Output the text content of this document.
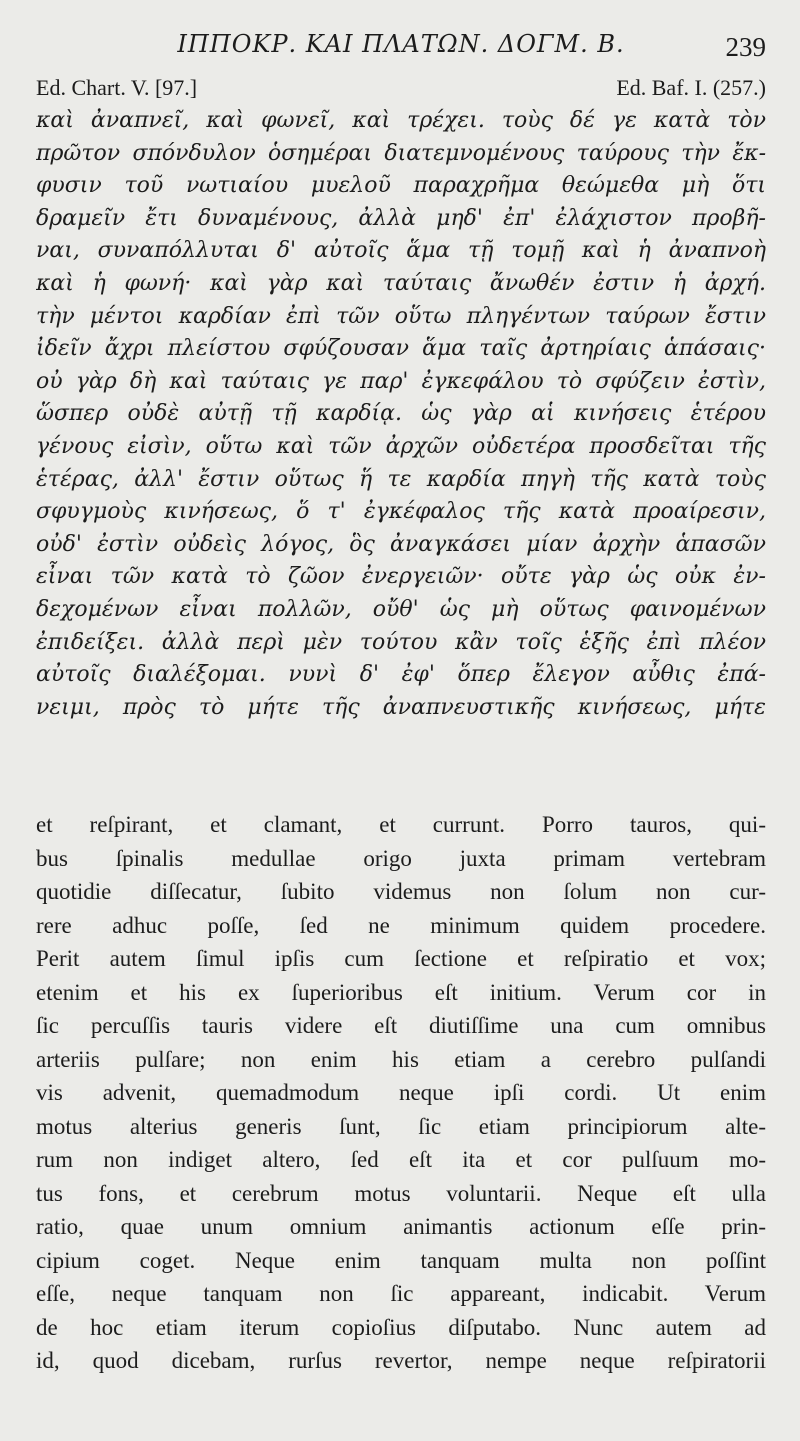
ΙΠΠΟΚΡ. ΚΑΙ ΠΛΑΤΩΝ. ΔΟΓΜ. Β.	239
Ed. Chart. V. [97.]	Ed. Baf. I. (257.)
καὶ ἀναπνεῖ, καὶ φωνεῖ, καὶ τρέχει. τοὺς δέ γε κατὰ τὸν
πρῶτον σπόνδυλον ὁσημέραι διατεμνομένους ταύρους τὴν ἔκ-
φυσιν τοῦ νωτιαίου μυελοῦ παραχρῆμα θεώμεθα μὴ ὅτι
δραμεῖν ἔτι δυναμένους, ἀλλὰ μηδ' ἐπ' ἐλάχιστον προβῆ-
ναι, συναπόλλυται δ' αὐτοῖς ἅμα τῇ τομῇ καὶ ἡ ἀναπνοὴ
καὶ ἡ φωνή· καὶ γὰρ καὶ ταύταις ἄνωθέν ἐστιν ἡ ἀρχή.
τὴν μέντοι καρδίαν ἐπὶ τῶν οὕτω πληγέντων ταύρων ἔστιν
ἰδεῖν ἄχρι πλείστου σφύζουσαν ἅμα ταῖς ἀρτηρίαις ἁπάσαις·
οὐ γὰρ δὴ καὶ ταύταις γε παρ' ἐγκεφάλου τὸ σφύζειν ἐστὶν,
ὥσπερ οὐδὲ αὐτῇ τῇ καρδίᾳ. ὡς γὰρ αἱ κινήσεις ἑτέρου
γένους εἰσὶν, οὕτω καὶ τῶν ἀρχῶν οὐδετέρα προσδεῖται τῆς
ἑτέρας, ἀλλ' ἔστιν οὕτως ἥ τε καρδία πηγὴ τῆς κατὰ τοὺς
σφυγμοὺς κινήσεως, ὅ τ' ἐγκέφαλος τῆς κατὰ προαίρεσιν,
οὐδ' ἐστὶν οὐδεὶς λόγος, ὃς ἀναγκάσει μίαν ἀρχὴν ἁπασῶν
εἶναι τῶν κατὰ τὸ ζῶον ἐνεργειῶν· οὔτε γὰρ ὡς οὐκ ἐν-
δεχομένων εἶναι πολλῶν, οὔθ' ὡς μὴ οὕτως φαινομένων
ἐπιδείξει. ἀλλὰ περὶ μὲν τούτου κἂν τοῖς ἑξῆς ἐπὶ πλέον
αὐτοῖς διαλέξομαι. νυνὶ δ' ἐφ' ὅπερ ἔλεγον αὖθις ἐπά-
νειμι, πρὸς τὸ μήτε τῆς ἀναπνευστικῆς κινήσεως, μήτε
et reſpirant, et clamant, et currunt. Porro tauros, qui-
bus ſpinalis medullae origo juxta primam vertebram
quotidie diſſecatur, ſubito videmus non ſolum non cur-
rere adhuc poſſe, ſed ne minimum quidem procedere.
Perit autem ſimul ipſis cum ſectione et reſpiratio et vox;
etenim et his ex ſuperioribus eſt initium. Verum cor in
ſic percuſſis tauris videre eſt diutiſſime una cum omnibus
arteriis pulſare; non enim his etiam a cerebro pulſandi
vis advenit, quemadmodum neque ipſi cordi. Ut enim
motus alterius generis ſunt, ſic etiam principiorum alte-
rum non indiget altero, ſed eſt ita et cor pulſuum mo-
tus fons, et cerebrum motus voluntarii. Neque eſt ulla
ratio, quae unum omnium animantis actionum eſſe prin-
cipium coget. Neque enim tanquam multa non poſſint
eſſe, neque tanquam non ſic appareant, indicabit. Verum
de hoc etiam iterum copioſius diſputabo. Nunc autem ad
id, quod dicebam, rurſus revertor, nempe neque reſpiratorii
